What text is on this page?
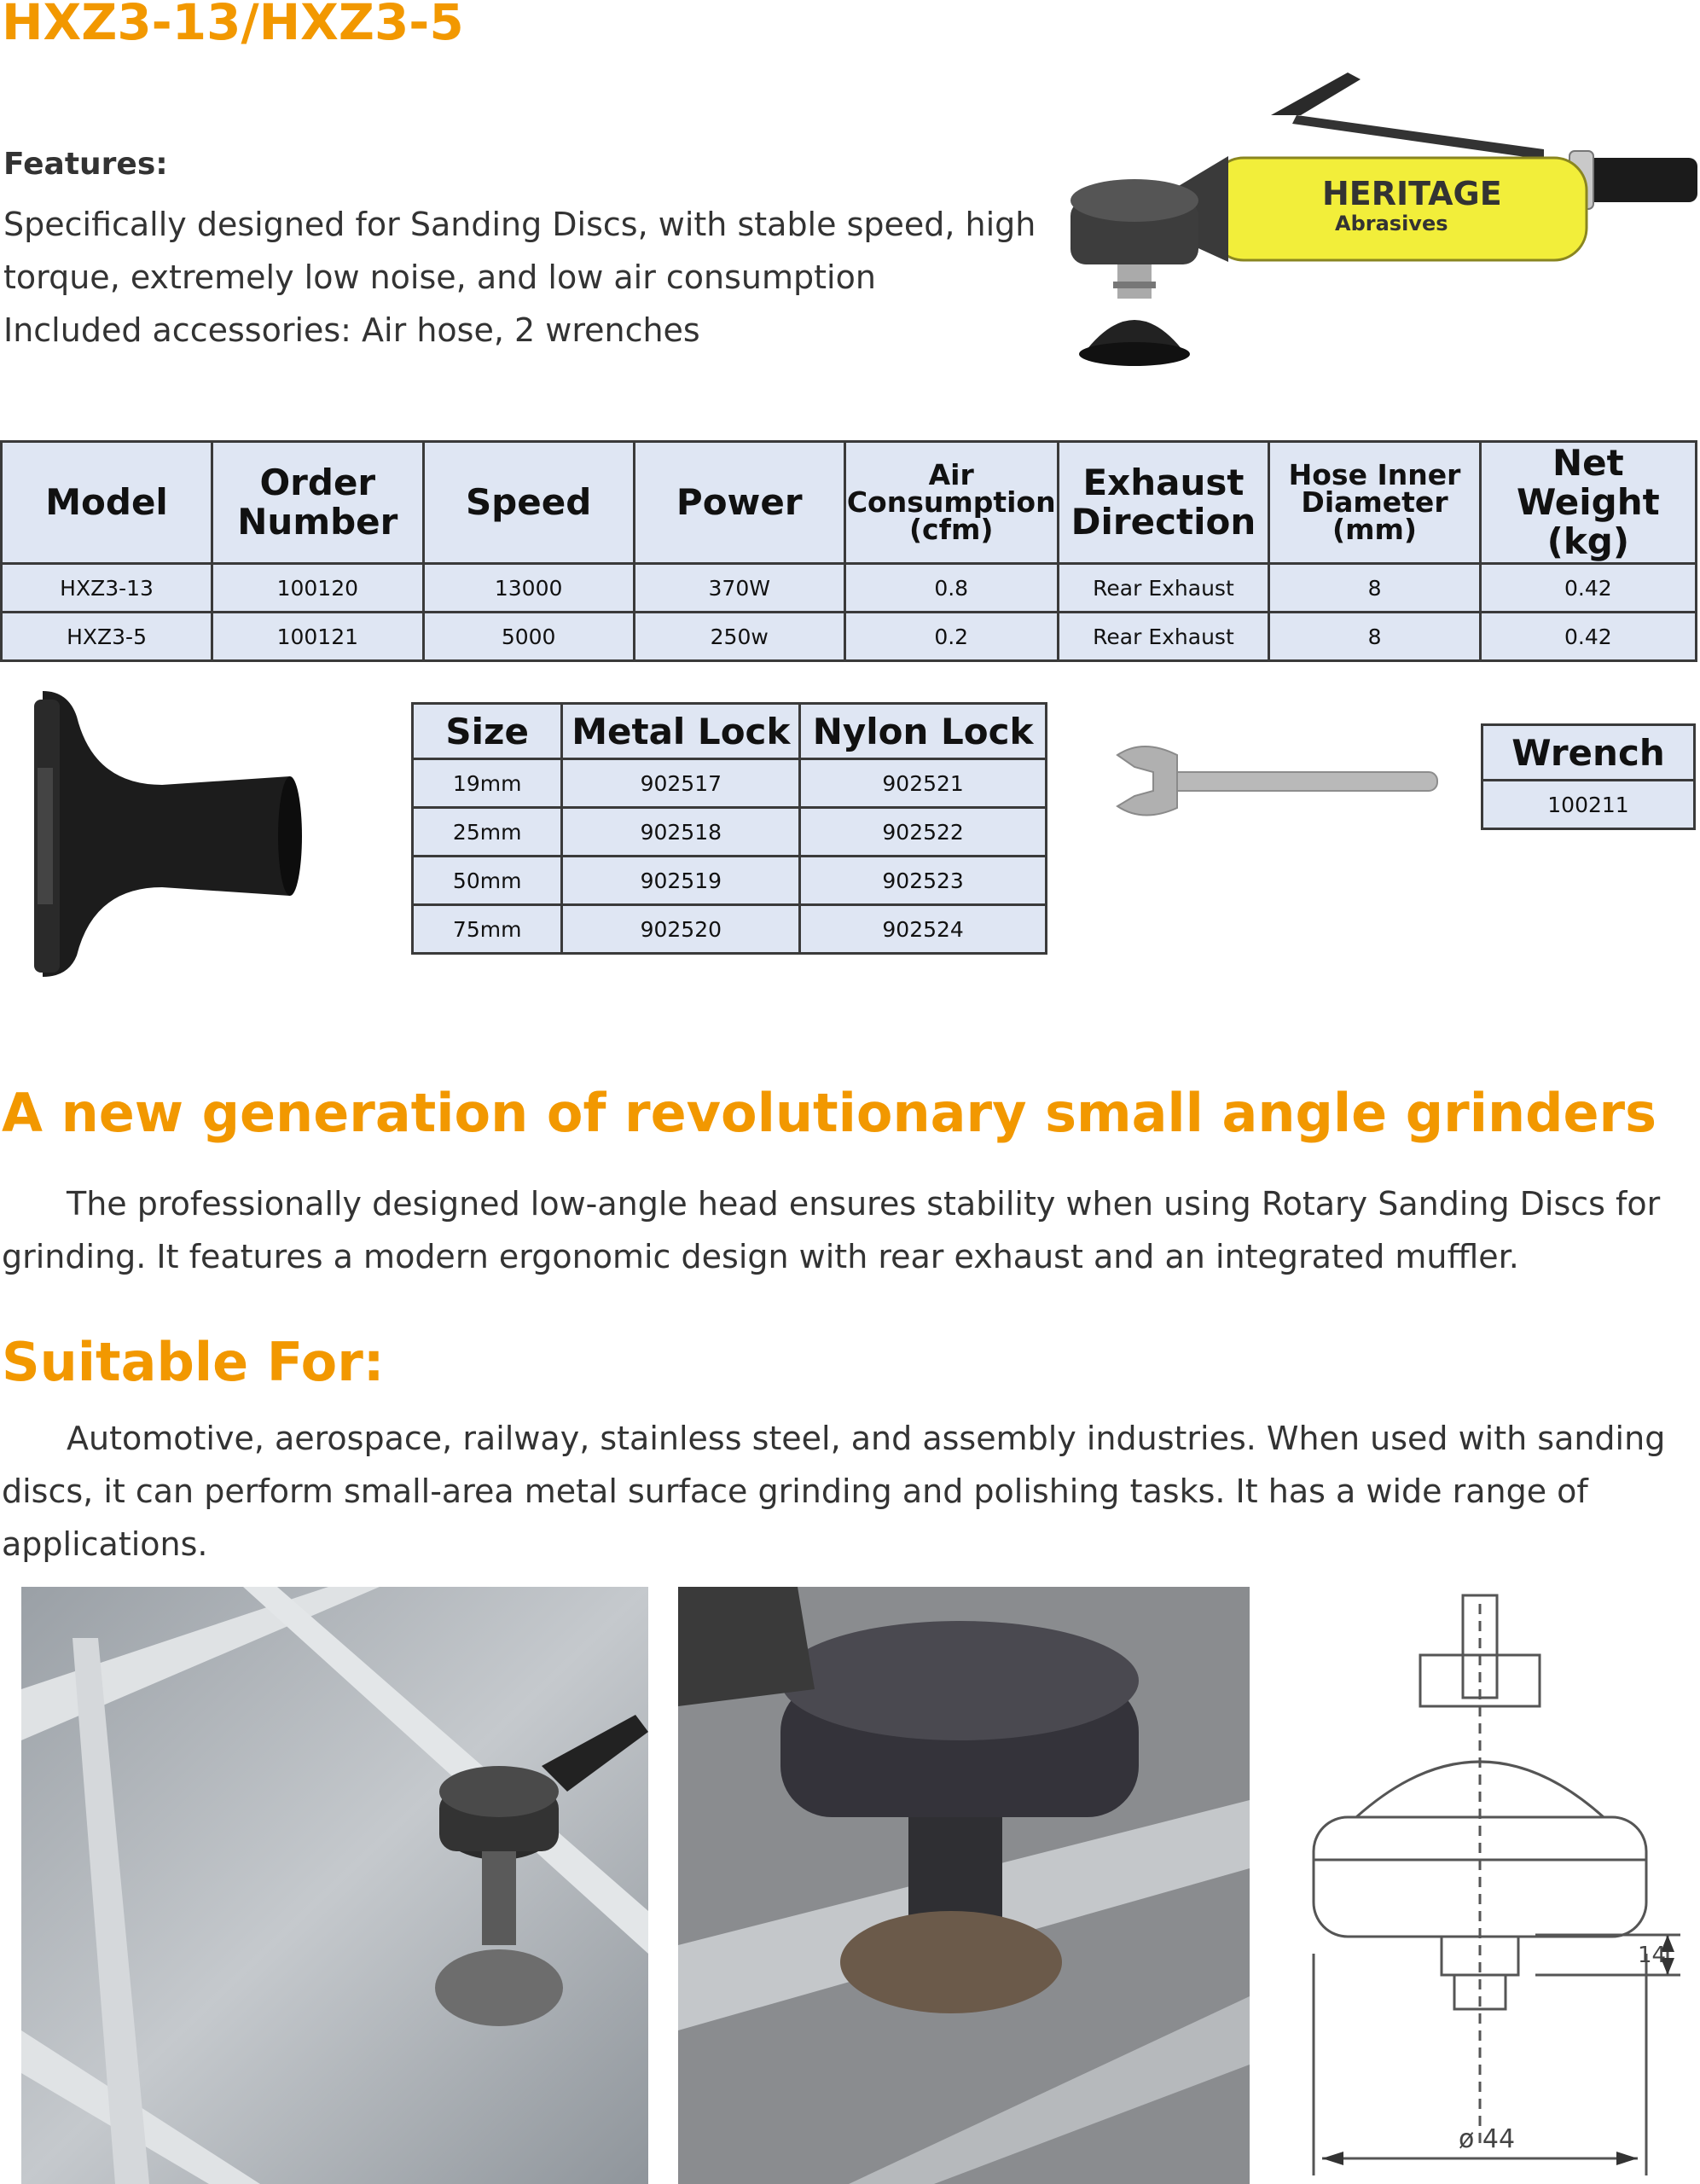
HXZ3-13/HXZ3-5
Features:
Specifically designed for Sanding Discs, with stable speed, high
torque, extremely low noise, and low air consumption
Included accessories: Air hose, 2 wrenches
HERITAGE
Abrasives
Model	Order Number	Speed	Power	Air Consumption (cfm)	Exhaust Direction	Hose Inner Diameter (mm)	Net Weight (kg)
HXZ3-13	100120	13000	370W	0.8	Rear Exhaust	8	0.42
HXZ3-5	100121	5000	250w	0.2	Rear Exhaust	8	0.42
Size	Metal Lock	Nylon Lock
19mm	902517	902521
25mm	902518	902522
50mm	902519	902523
75mm	902520	902524
Wrench
100211
A new generation of revolutionary small angle grinders

The professionally designed low-angle head ensures stability when using Rotary Sanding Discs for grinding. It features a modern ergonomic design with rear exhaust and an integrated muffler.

Suitable For:

Automotive, aerospace, railway, stainless steel, and assembly industries. When used with sanding discs, it can perform small-area metal surface grinding and polishing tasks. It has a wide range of applications.

ø 44
14
